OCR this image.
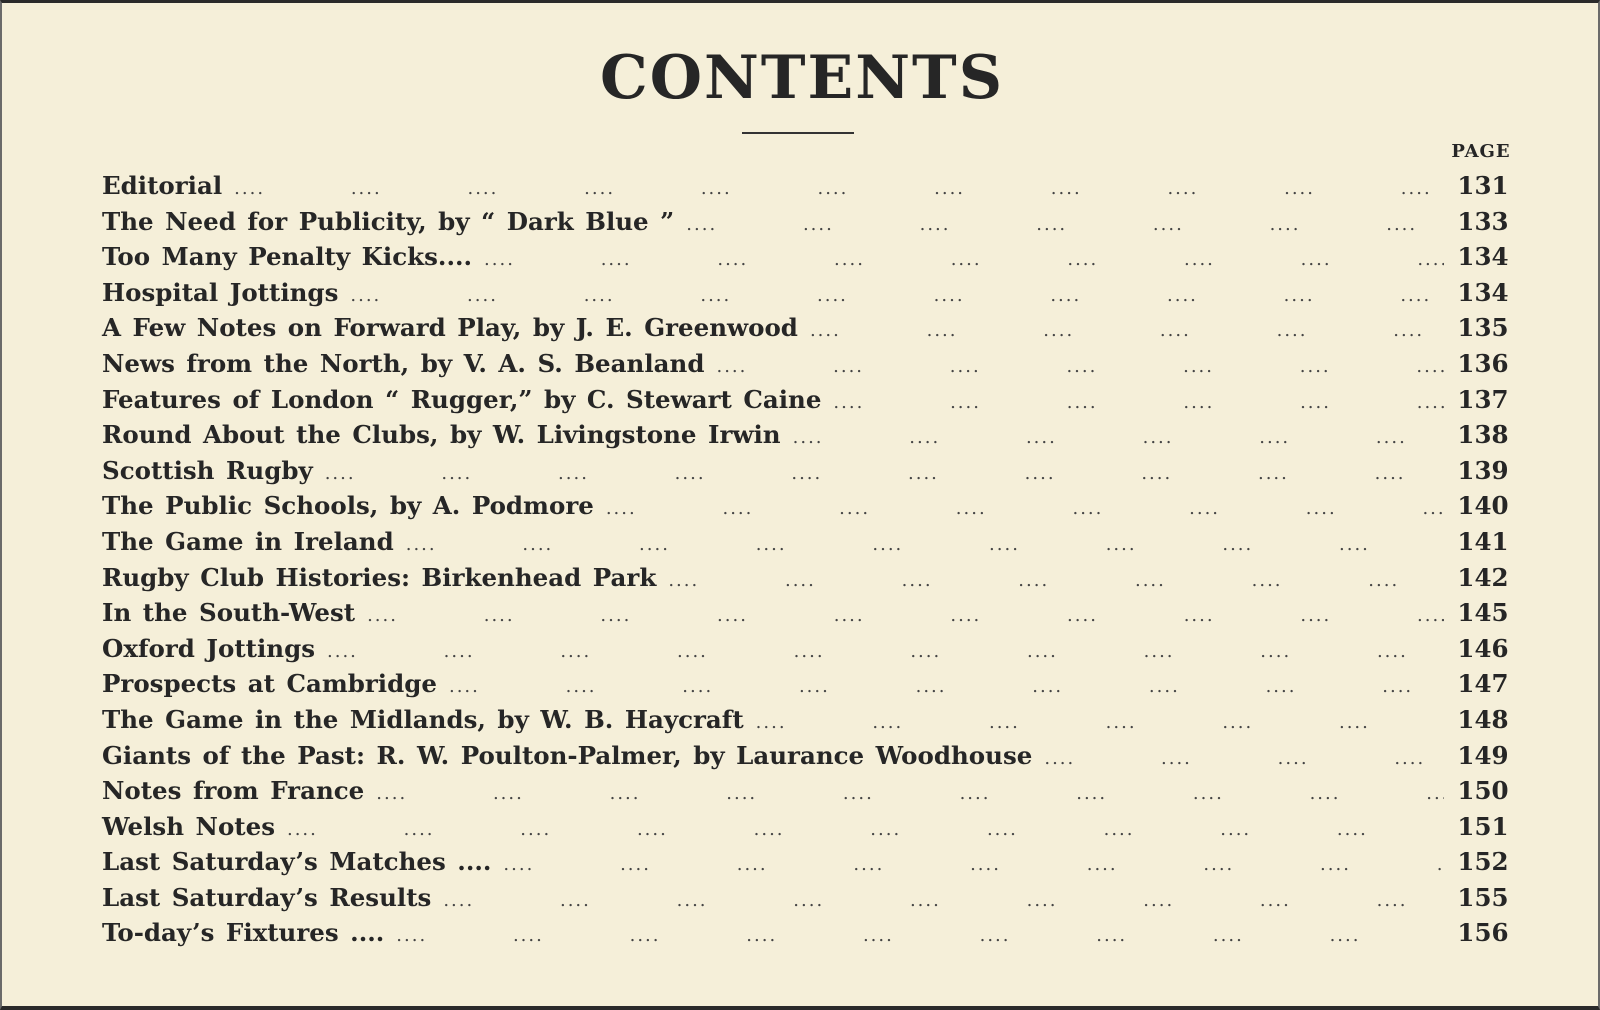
CONTENTS
PAGE
Editorial ....	131
The Need for Publicity, by “ Dark Blue ” ....	133
Too Many Penalty Kicks.... ....	134
Hospital Jottings ....	134
A Few Notes on Forward Play, by J. E. Greenwood ....	135
News from the North, by V. A. S. Beanland ....	136
Features of London “ Rugger,” by C. Stewart Caine ....	137
Round About the Clubs, by W. Livingstone Irwin ....	138
Scottish Rugby ....	139
The Public Schools, by A. Podmore ....	140
The Game in Ireland ....	141
Rugby Club Histories: Birkenhead Park ....	142
In the South-West ....	145
Oxford Jottings ....	146
Prospects at Cambridge ....	147
The Game in the Midlands, by W. B. Haycraft ....	148
Giants of the Past: R. W. Poulton-Palmer, by Laurance Woodhouse ....	149
Notes from France ....	150
Welsh Notes ....	151
Last Saturday’s Matches .... ....	152
Last Saturday’s Results ....	155
To-day’s Fixtures .... ....	156
